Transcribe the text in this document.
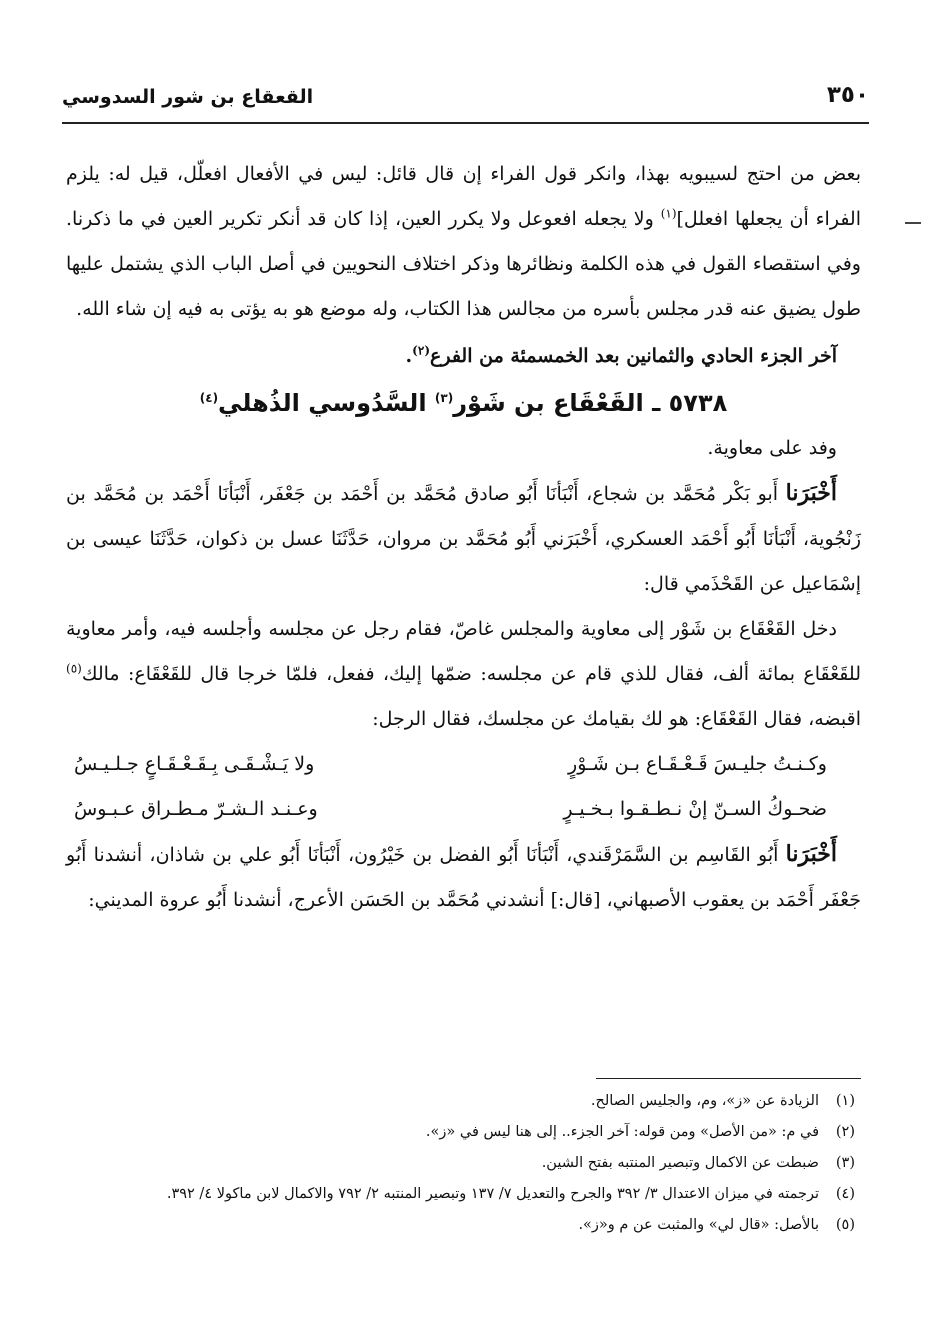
القعقاع بن شور السدوسي	٣٥٠

بعض من احتج لسيبويه بهذا، وانكر قول الفراء إن قال قائل: ليس في الأفعال افعلّل، قيل له: يلزم الفراء أن يجعلها افعلل]$^{(١)}$ ولا يجعله افعوعل ولا يكرر العين، إذا كان قد أنكر تكرير العين في ما ذكرنا. وفي استقصاء القول في هذه الكلمة ونظائرها وذكر اختلاف النحويين في أصل الباب الذي يشتمل عليها طول يضيق عنه قدر مجلس بأسره من مجالس هذا الكتاب، وله موضع هو به يؤتى به فيه إن شاء الله.

آخر الجزء الحادي والثمانين بعد الخمسمئة من الفرع$^{(٢)}$.

٥٧٣٨ ـ القَعْقَاع بن شَوْر$^{(٣)}$ السَّدُوسي الذُهلي$^{(٤)}$

وفد على معاوية.

أَخْبَرَنا أَبو بَكْر مُحَمَّد بن شجاع، أَنْبَأنَا أَبُو صادق مُحَمَّد بن أَحْمَد بن جَعْفَر، أَنْبَأنَا أَحْمَد بن مُحَمَّد بن زَنْجُوية، أَنْبَأنَا أَبُو أَحْمَد العسكري، أَخْبَرَني أَبُو مُحَمَّد بن مروان، حَدَّثَنَا عسل بن ذكوان، حَدَّثَنَا عيسى بن إسْمَاعيل عن القَحْذَمي قال:

دخل القَعْقَاع بن شَوْر إلى معاوية والمجلس غاصّ، فقام رجل عن مجلسه وأجلسه فيه، وأمر معاوية للقَعْقَاع بمائة ألف، فقال للذي قام عن مجلسه: ضمّها إليك، ففعل، فلمّا خرجا قال للقَعْقَاع: مالك$^{(٥)}$ اقبضه، فقال القَعْقَاع: هو لك بقيامك عن مجلسك، فقال الرجل:

وكـنـتُ جليـسَ قَـعْـقَـاع بـن شَـوْرٍ
ولا يَـشْـقَـى بِـقَـعْـقَـاعٍ جـلـيـسُ
ضحـوكُ السـنّ إنْ نـطـقـوا بـخـيـرٍ
وعـنـد الـشـرّ مـطـراق عـبـوسُ

أَخْبَرَنا أَبُو القَاسِم بن السَّمَرْقَندي، أَنْبَأنَا أَبُو الفضل بن خَيْرُون، أَنْبَأنَا أَبُو علي بن شاذان، أنشدنا أَبُو جَعْفَر أَحْمَد بن يعقوب الأصبهاني، [قال:] أنشدني مُحَمَّد بن الحَسَن الأعرج، أنشدنا أَبُو عروة المديني:

(١)
الزيادة عن «ز»، وم، والجليس الصالح.
(٢)
في م: «من الأصل» ومن قوله: آخر الجزء.. إلى هنا ليس في «ز».
(٣)
ضبطت عن الاكمال وتبصير المنتبه بفتح الشين.
(٤)
ترجمته في ميزان الاعتدال ٣/ ٣٩٢ والجرح والتعديل ٧/ ١٣٧ وتبصير المنتبه ٢/ ٧٩٢ والاكمال لابن ماكولا ٤/ ٣٩٢.
(٥)
بالأصل: «قال لي» والمثبت عن م و«ز».
